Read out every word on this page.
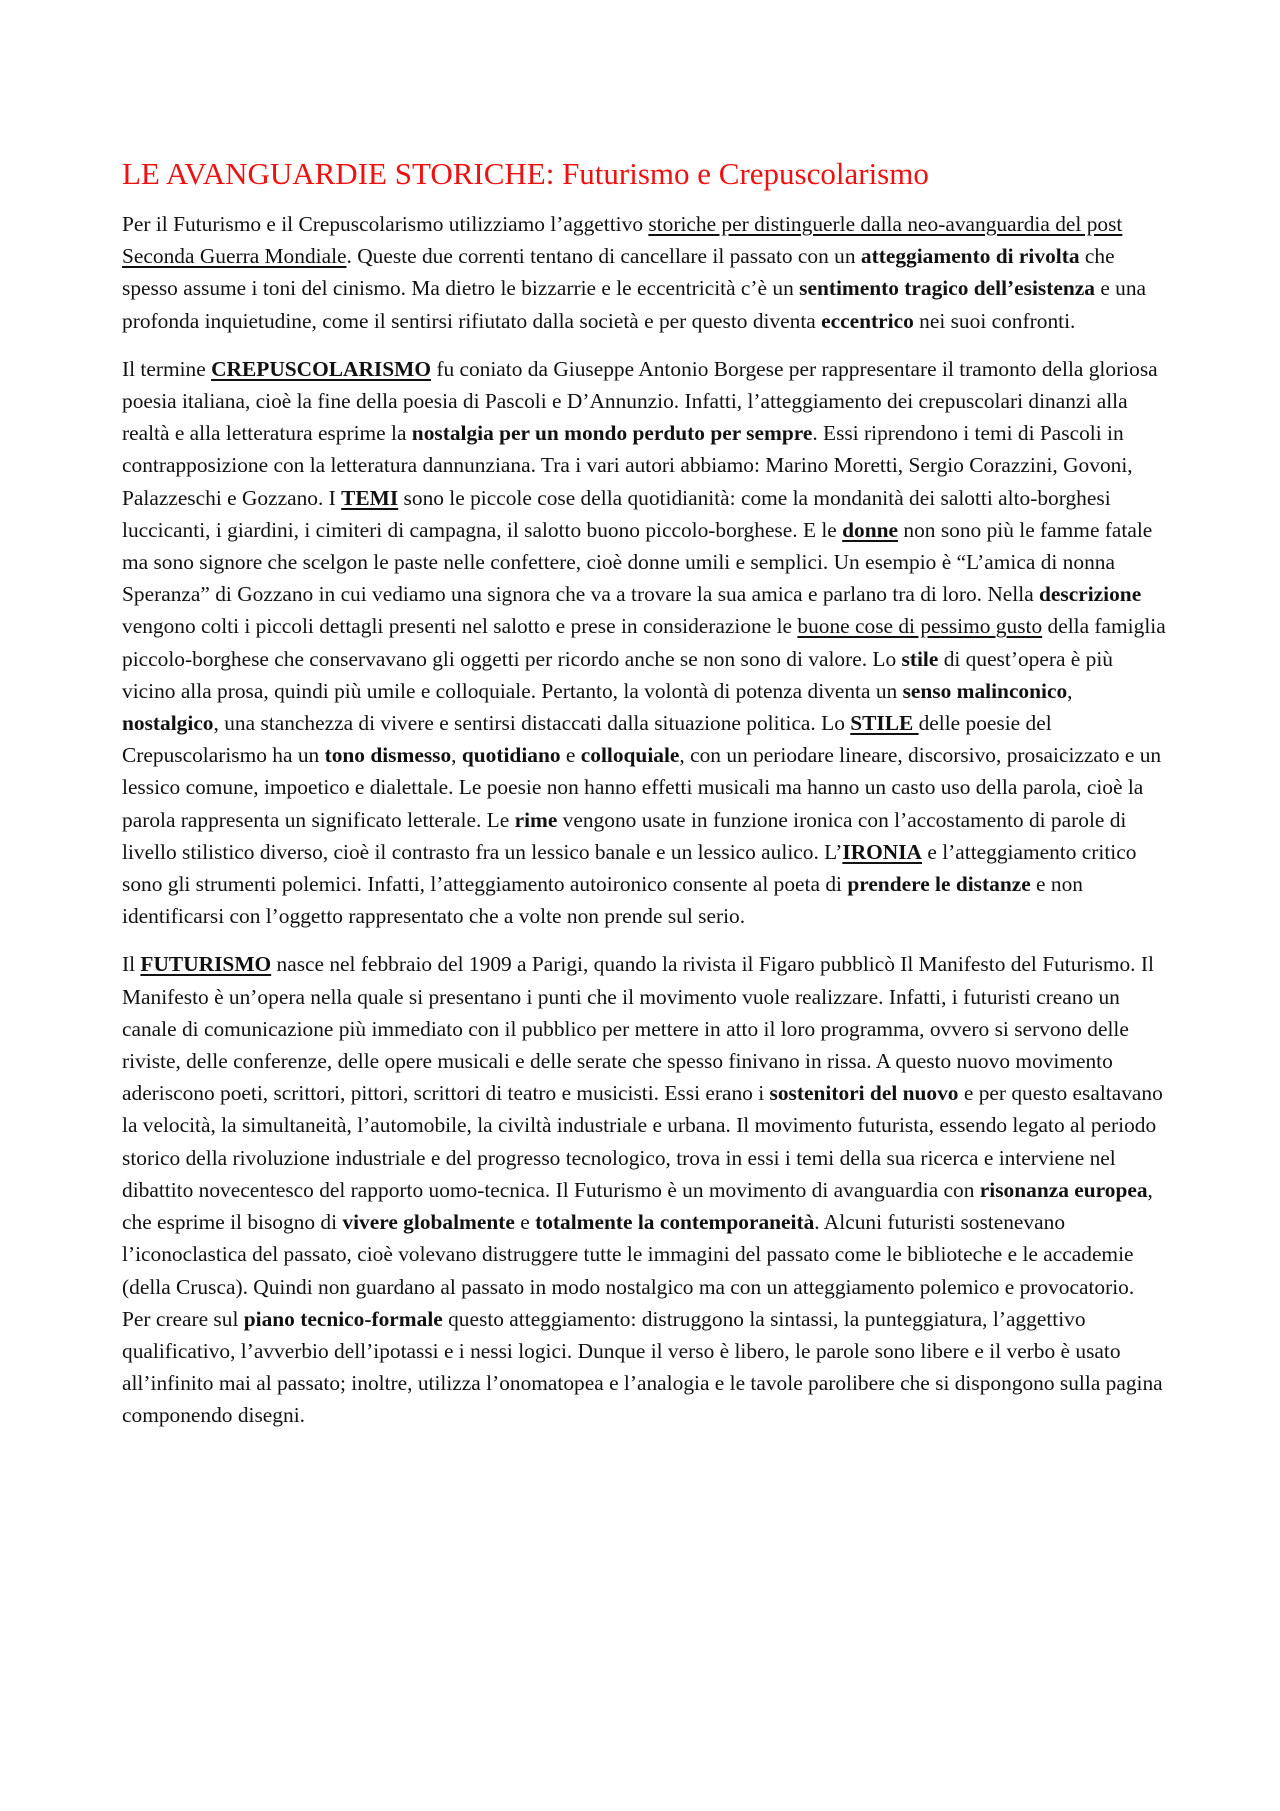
LE AVANGUARDIE STORICHE: Futurismo e Crepuscolarismo

Per il Futurismo e il Crepuscolarismo utilizziamo l’aggettivo storiche per distinguerle dalla neo-avanguardia del post Seconda Guerra Mondiale. Queste due correnti tentano di cancellare il passato con un atteggiamento di rivolta che spesso assume i toni del cinismo. Ma dietro le bizzarrie e le eccentricità c’è un sentimento tragico dell’esistenza e una profonda inquietudine, come il sentirsi rifiutato dalla società e per questo diventa eccentrico nei suoi confronti.

Il termine CREPUSCOLARISMO fu coniato da Giuseppe Antonio Borgese per rappresentare il tramonto della gloriosa poesia italiana, cioè la fine della poesia di Pascoli e D’Annunzio. Infatti, l’atteggiamento dei crepuscolari dinanzi alla realtà e alla letteratura esprime la nostalgia per un mondo perduto per sempre. Essi riprendono i temi di Pascoli in contrapposizione con la letteratura dannunziana. Tra i vari autori abbiamo: Marino Moretti, Sergio Corazzini, Govoni, Palazzeschi e Gozzano. I TEMI sono le piccole cose della quotidianità: come la mondanità dei salotti alto-borghesi luccicanti, i giardini, i cimiteri di campagna, il salotto buono piccolo-borghese. E le donne non sono più le famme fatale ma sono signore che scelgon le paste nelle confettere, cioè donne umili e semplici. Un esempio è “L’amica di nonna Speranza” di Gozzano in cui vediamo una signora che va a trovare la sua amica e parlano tra di loro. Nella descrizione vengono colti i piccoli dettagli presenti nel salotto e prese in considerazione le buone cose di pessimo gusto della famiglia piccolo-borghese che conservavano gli oggetti per ricordo anche se non sono di valore. Lo stile di quest’opera è più vicino alla prosa, quindi più umile e colloquiale. Pertanto, la volontà di potenza diventa un senso malinconico, nostalgico, una stanchezza di vivere e sentirsi distaccati dalla situazione politica. Lo STILE delle poesie del Crepuscolarismo ha un tono dismesso, quotidiano e colloquiale, con un periodare lineare, discorsivo, prosaicizzato e un lessico comune, impoetico e dialettale. Le poesie non hanno effetti musicali ma hanno un casto uso della parola, cioè la parola rappresenta un significato letterale. Le rime vengono usate in funzione ironica con l’accostamento di parole di livello stilistico diverso, cioè il contrasto fra un lessico banale e un lessico aulico. L’IRONIA e l’atteggiamento critico sono gli strumenti polemici. Infatti, l’atteggiamento autoironico consente al poeta di prendere le distanze e non identificarsi con l’oggetto rappresentato che a volte non prende sul serio.

Il FUTURISMO nasce nel febbraio del 1909 a Parigi, quando la rivista il Figaro pubblicò Il Manifesto del Futurismo. Il Manifesto è un’opera nella quale si presentano i punti che il movimento vuole realizzare. Infatti, i futuristi creano un canale di comunicazione più immediato con il pubblico per mettere in atto il loro programma, ovvero si servono delle riviste, delle conferenze, delle opere musicali e delle serate che spesso finivano in rissa. A questo nuovo movimento aderiscono poeti, scrittori, pittori, scrittori di teatro e musicisti. Essi erano i sostenitori del nuovo e per questo esaltavano la velocità, la simultaneità, l’automobile, la civiltà industriale e urbana. Il movimento futurista, essendo legato al periodo storico della rivoluzione industriale e del progresso tecnologico, trova in essi i temi della sua ricerca e interviene nel dibattito novecentesco del rapporto uomo-tecnica. Il Futurismo è un movimento di avanguardia con risonanza europea, che esprime il bisogno di vivere globalmente e totalmente la contemporaneità. Alcuni futuristi sostenevano l’iconoclastica del passato, cioè volevano distruggere tutte le immagini del passato come le biblioteche e le accademie (della Crusca). Quindi non guardano al passato in modo nostalgico ma con un atteggiamento polemico e provocatorio. Per creare sul piano tecnico-formale questo atteggiamento: distruggono la sintassi, la punteggiatura, l’aggettivo qualificativo, l’avverbio dell’ipotassi e i nessi logici. Dunque il verso è libero, le parole sono libere e il verbo è usato all’infinito mai al passato; inoltre, utilizza l’onomatopea e l’analogia e le tavole parolibere che si dispongono sulla pagina componendo disegni.
